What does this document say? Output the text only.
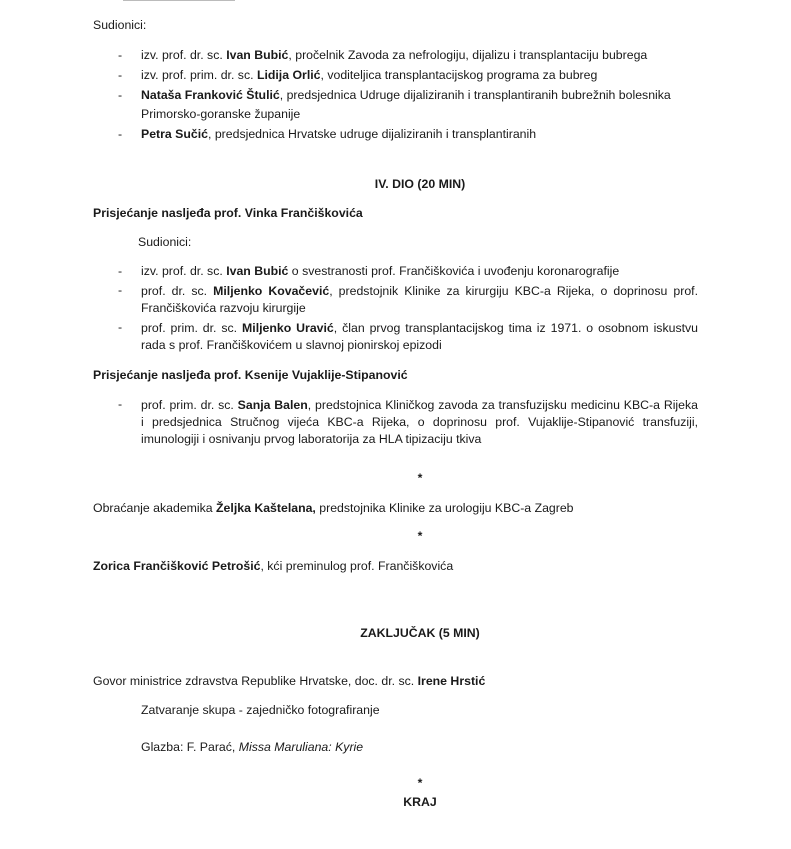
Sudionici:
- izv. prof. dr. sc. Ivan Bubić, pročelnik Zavoda za nefrologiju, dijalizu i transplantaciju bubrega
- izv. prof. prim. dr. sc. Lidija Orlić, voditeljica transplantacijskog programa za bubreg
- Nataša Franković Štulić, predsjednica Udruge dijaliziranih i transplantiranih bubrežnih bolesnika
Primorsko-goranske županije
- Petra Sučić, predsjednica Hrvatske udruge dijaliziranih i transplantiranih
IV. DIO (20 MIN)
Prisjećanje nasljeđa prof. Vinka Frančiškovića
Sudionici:
- izv. prof. dr. sc. Ivan Bubić o svestranosti prof. Frančiškovića i uvođenju koronarografije
- prof. dr. sc. Miljenko Kovačević, predstojnik Klinike za kirurgiju KBC-a Rijeka, o doprinosu prof.
Frančiškovića razvoju kirurgije
- prof. prim. dr. sc. Miljenko Uravić, član prvog transplantacijskog tima iz 1971. o osobnom iskustvu
rada s prof. Frančiškovićem u slavnoj pionirskoj epizodi
Prisjećanje nasljeđa prof. Ksenije Vujaklije-Stipanović
- prof. prim. dr. sc. Sanja Balen, predstojnica Kliničkog zavoda za transfuzijsku medicinu KBC-a Rijeka
i predsjednica Stručnog vijeća KBC-a Rijeka, o doprinosu prof. Vujaklije-Stipanović transfuziji,
imunologiji i osnivanju prvog laboratorija za HLA tipizaciju tkiva
*
Obraćanje akademika Željka Kaštelana, predstojnika Klinike za urologiju KBC-a Zagreb
*
Zorica Frančišković Petrošić, kći preminulog prof. Frančiškovića
ZAKLJUČAK (5 MIN)
Govor ministrice zdravstva Republike Hrvatske, doc. dr. sc. Irene Hrstić
Zatvaranje skupa - zajedničko fotografiranje
Glazba: F. Parać, Missa Maruliana: Kyrie
*
KRAJ
